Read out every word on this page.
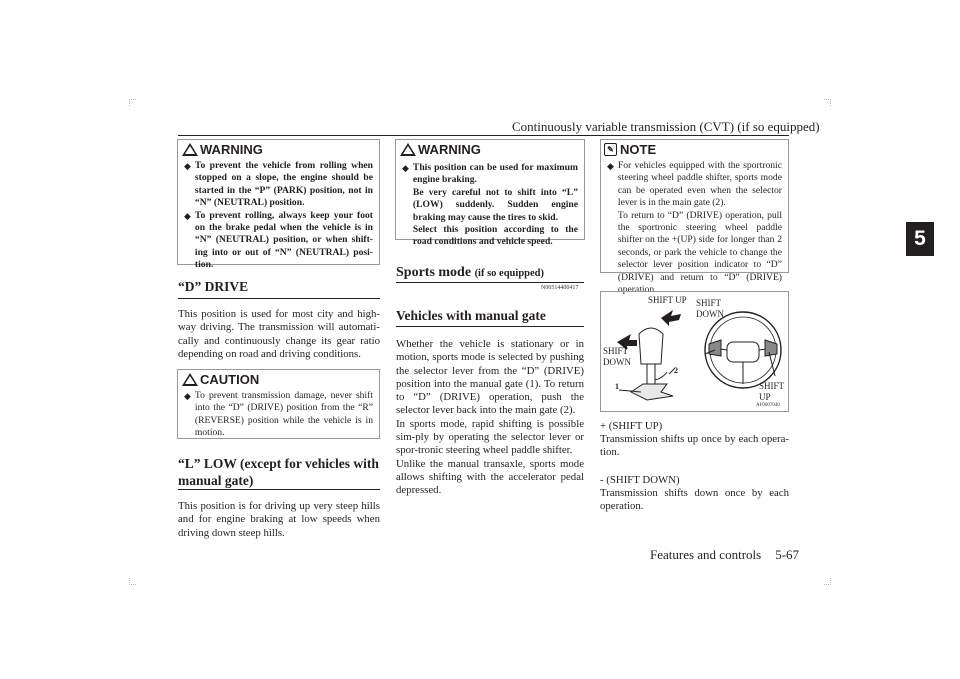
Continuously variable transmission (CVT) (if so equipped)
5
Features and controls 5-67
WARNING
◆ To prevent the vehicle from rolling when stopped on a slope, the engine should be started in the “P” (PARK) position, not in “N” (NEUTRAL) position.
◆ To prevent rolling, always keep your foot on the brake pedal when the vehicle is in “N” (NEUTRAL) position, or when shift-ing into or out of “N” (NEUTRAL) posi-tion.
“D” DRIVE
This position is used for most city and high-way driving. The transmission will automati-cally and continuously change its gear ratio depending on road and driving conditions.
CAUTION
◆ To prevent transmission damage, never shift into the “D” (DRIVE) position from the “R” (REVERSE) position while the vehicle is in motion.
“L” LOW (except for vehicles with manual gate)
This position is for driving up very steep hills and for engine braking at low speeds when driving down steep hills.
WARNING
◆ This position can be used for maximum engine braking.
Be very careful not to shift into “L” (LOW) suddenly. Sudden engine braking may cause the tires to skid.
Select this position according to the road conditions and vehicle speed.
Sports mode (if so equipped)
N00514400417
Vehicles with manual gate
Whether the vehicle is stationary or in motion, sports mode is selected by pushing the selector lever from the “D” (DRIVE) position into the manual gate (1). To return to “D” (DRIVE) operation, push the selector lever back into the main gate (2).
In sports mode, rapid shifting is possible sim-ply by operating the selector lever or spor-tronic steering wheel paddle shifter.
Unlike the manual transaxle, sports mode allows shifting with the accelerator pedal depressed.
✎ NOTE
◆ For vehicles equipped with the sportronic steering wheel paddle shifter, sports mode can be operated even when the selector lever is in the main gate (2).
To return to “D” (DRIVE) operation, pull the sportronic steering wheel paddle shifter on the +(UP) side for longer than 2 seconds, or park the vehicle to change the selector lever position indicator to “D” (DRIVE) and return to “D” (DRIVE) operation.
SHIFT UP
SHIFT DOWN
SHIFT DOWN
SHIFT UP
1
2
AF0007040
+ (SHIFT UP)
Transmission shifts up once by each opera-tion.
- (SHIFT DOWN)
Transmission shifts down once by each operation.
